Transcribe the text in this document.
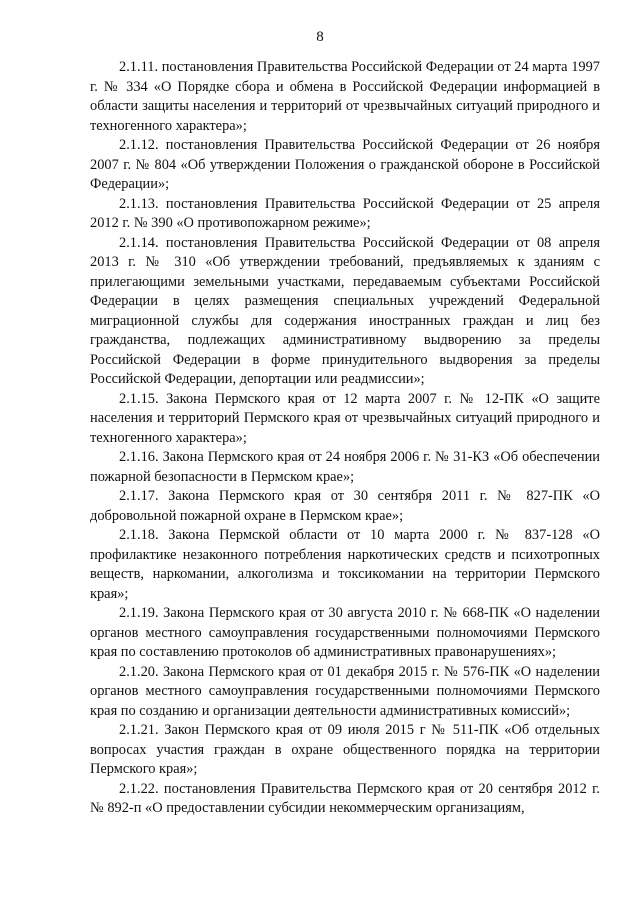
8

2.1.11. постановления Правительства Российской Федерации от 24 марта 1997 г. № 334 «О Порядке сбора и обмена в Российской Федерации информацией в области защиты населения и территорий от чрезвычайных ситуаций природного и техногенного характера»;

2.1.12. постановления Правительства Российской Федерации от 26 ноября 2007 г. № 804 «Об утверждении Положения о гражданской обороне в Российской Федерации»;

2.1.13. постановления Правительства Российской Федерации от 25 апреля 2012 г. № 390 «О противопожарном режиме»;

2.1.14. постановления Правительства Российской Федерации от 08 апреля 2013 г. № 310 «Об утверждении требований, предъявляемых к зданиям с прилегающими земельными участками, передаваемым субъектами Российской Федерации в целях размещения специальных учреждений Федеральной миграционной службы для содержания иностранных граждан и лиц без гражданства, подлежащих административному выдворению за пределы Российской Федерации в форме принудительного выдворения за пределы Российской Федерации, депортации или реадмиссии»;

2.1.15. Закона Пермского края от 12 марта 2007 г. № 12-ПК «О защите населения и территорий Пермского края от чрезвычайных ситуаций природного и техногенного характера»;

2.1.16. Закона Пермского края от 24 ноября 2006 г. № 31-КЗ «Об обеспечении пожарной безопасности в Пермском крае»;

2.1.17. Закона Пермского края от 30 сентября 2011 г. № 827-ПК «О добровольной пожарной охране в Пермском крае»;

2.1.18. Закона Пермской области от 10 марта 2000 г. № 837-128 «О профилактике незаконного потребления наркотических средств и психотропных веществ, наркомании, алкоголизма и токсикомании на территории Пермского края»;

2.1.19. Закона Пермского края от 30 августа 2010 г. № 668-ПК «О наделении органов местного самоуправления государственными полномочиями Пермского края по составлению протоколов об административных правонарушениях»;

2.1.20. Закона Пермского края от 01 декабря 2015 г. № 576-ПК «О наделении органов местного самоуправления государственными полномочиями Пермского края по созданию и организации деятельности административных комиссий»;

2.1.21. Закон Пермского края от 09 июля 2015 г № 511-ПК «Об отдельных вопросах участия граждан в охране общественного порядка на территории Пермского края»;

2.1.22. постановления Правительства Пермского края от 20 сентября 2012 г. № 892-п «О предоставлении субсидии некоммерческим организациям,
